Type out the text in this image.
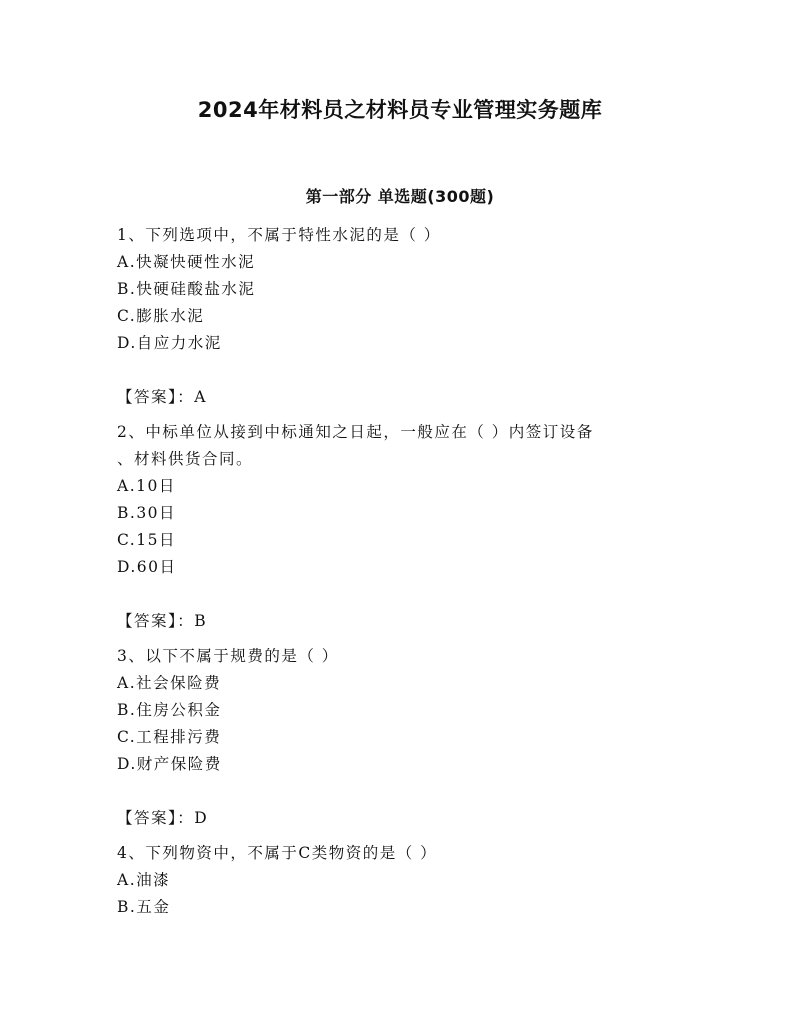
2024年材料员之材料员专业管理实务题库
第一部分 单选题(300题)
1、下列选项中，不属于特性水泥的是（ ）
A.快凝快硬性水泥
B.快硬硅酸盐水泥
C.膨胀水泥
D.自应力水泥
【答案】：A
2、中标单位从接到中标通知之日起，一般应在（ ）内签订设备
、材料供货合同。
A.10日
B.30日
C.15日
D.60日
【答案】：B
3、以下不属于规费的是（ ）
A.社会保险费
B.住房公积金
C.工程排污费
D.财产保险费
【答案】：D
4、下列物资中，不属于C类物资的是（ ）
A.油漆
B.五金
